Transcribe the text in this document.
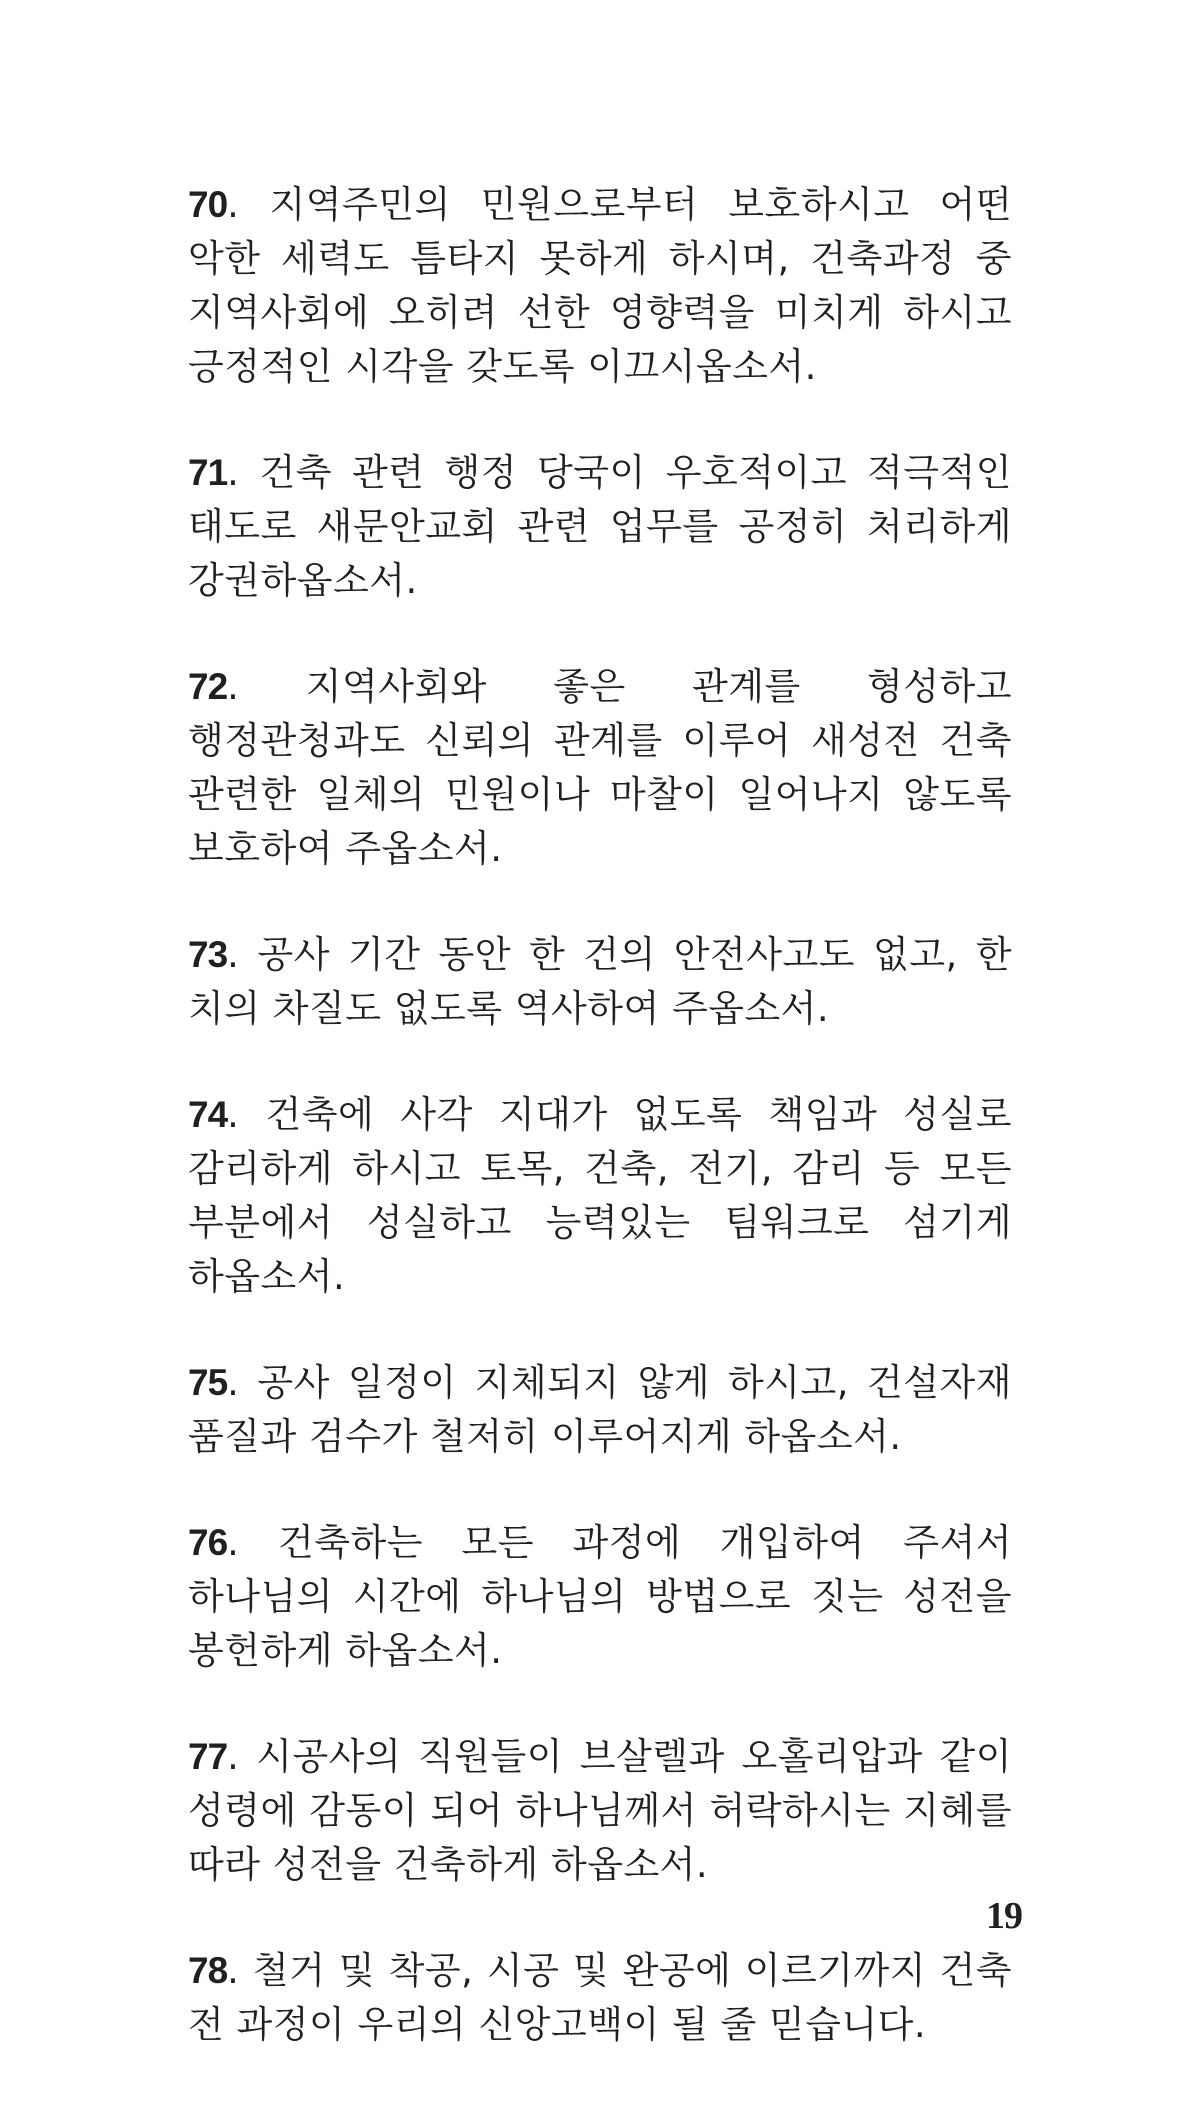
70. 지역주민의 민원으로부터 보호하시고 어떤 악한 세력도 틈타지 못하게 하시며, 건축과정 중 지역사회에 오히려 선한 영향력을 미치게 하시고 긍정적인 시각을 갖도록 이끄시옵소서.

71. 건축 관련 행정 당국이 우호적이고 적극적인 태도로 새문안교회 관련 업무를 공정히 처리하게 강권하옵소서.

72. 지역사회와 좋은 관계를 형성하고 행정관청과도 신뢰의 관계를 이루어 새성전 건축 관련한 일체의 민원이나 마찰이 일어나지 않도록 보호하여 주옵소서.

73. 공사 기간 동안 한 건의 안전사고도 없고, 한 치의 차질도 없도록 역사하여 주옵소서.

74. 건축에 사각 지대가 없도록 책임과 성실로 감리하게 하시고 토목, 건축, 전기, 감리 등 모든 부분에서 성실하고 능력있는 팀워크로 섬기게 하옵소서.

75. 공사 일정이 지체되지 않게 하시고, 건설자재 품질과 검수가 철저히 이루어지게 하옵소서.

76. 건축하는 모든 과정에 개입하여 주셔서 하나님의 시간에 하나님의 방법으로 짓는 성전을 봉헌하게 하옵소서.

77. 시공사의 직원들이 브살렐과 오홀리압과 같이 성령에 감동이 되어 하나님께서 허락하시는 지혜를 따라 성전을 건축하게 하옵소서.

78. 철거 및 착공, 시공 및 완공에 이르기까지 건축 전 과정이 우리의 신앙고백이 될 줄 믿습니다.

19
